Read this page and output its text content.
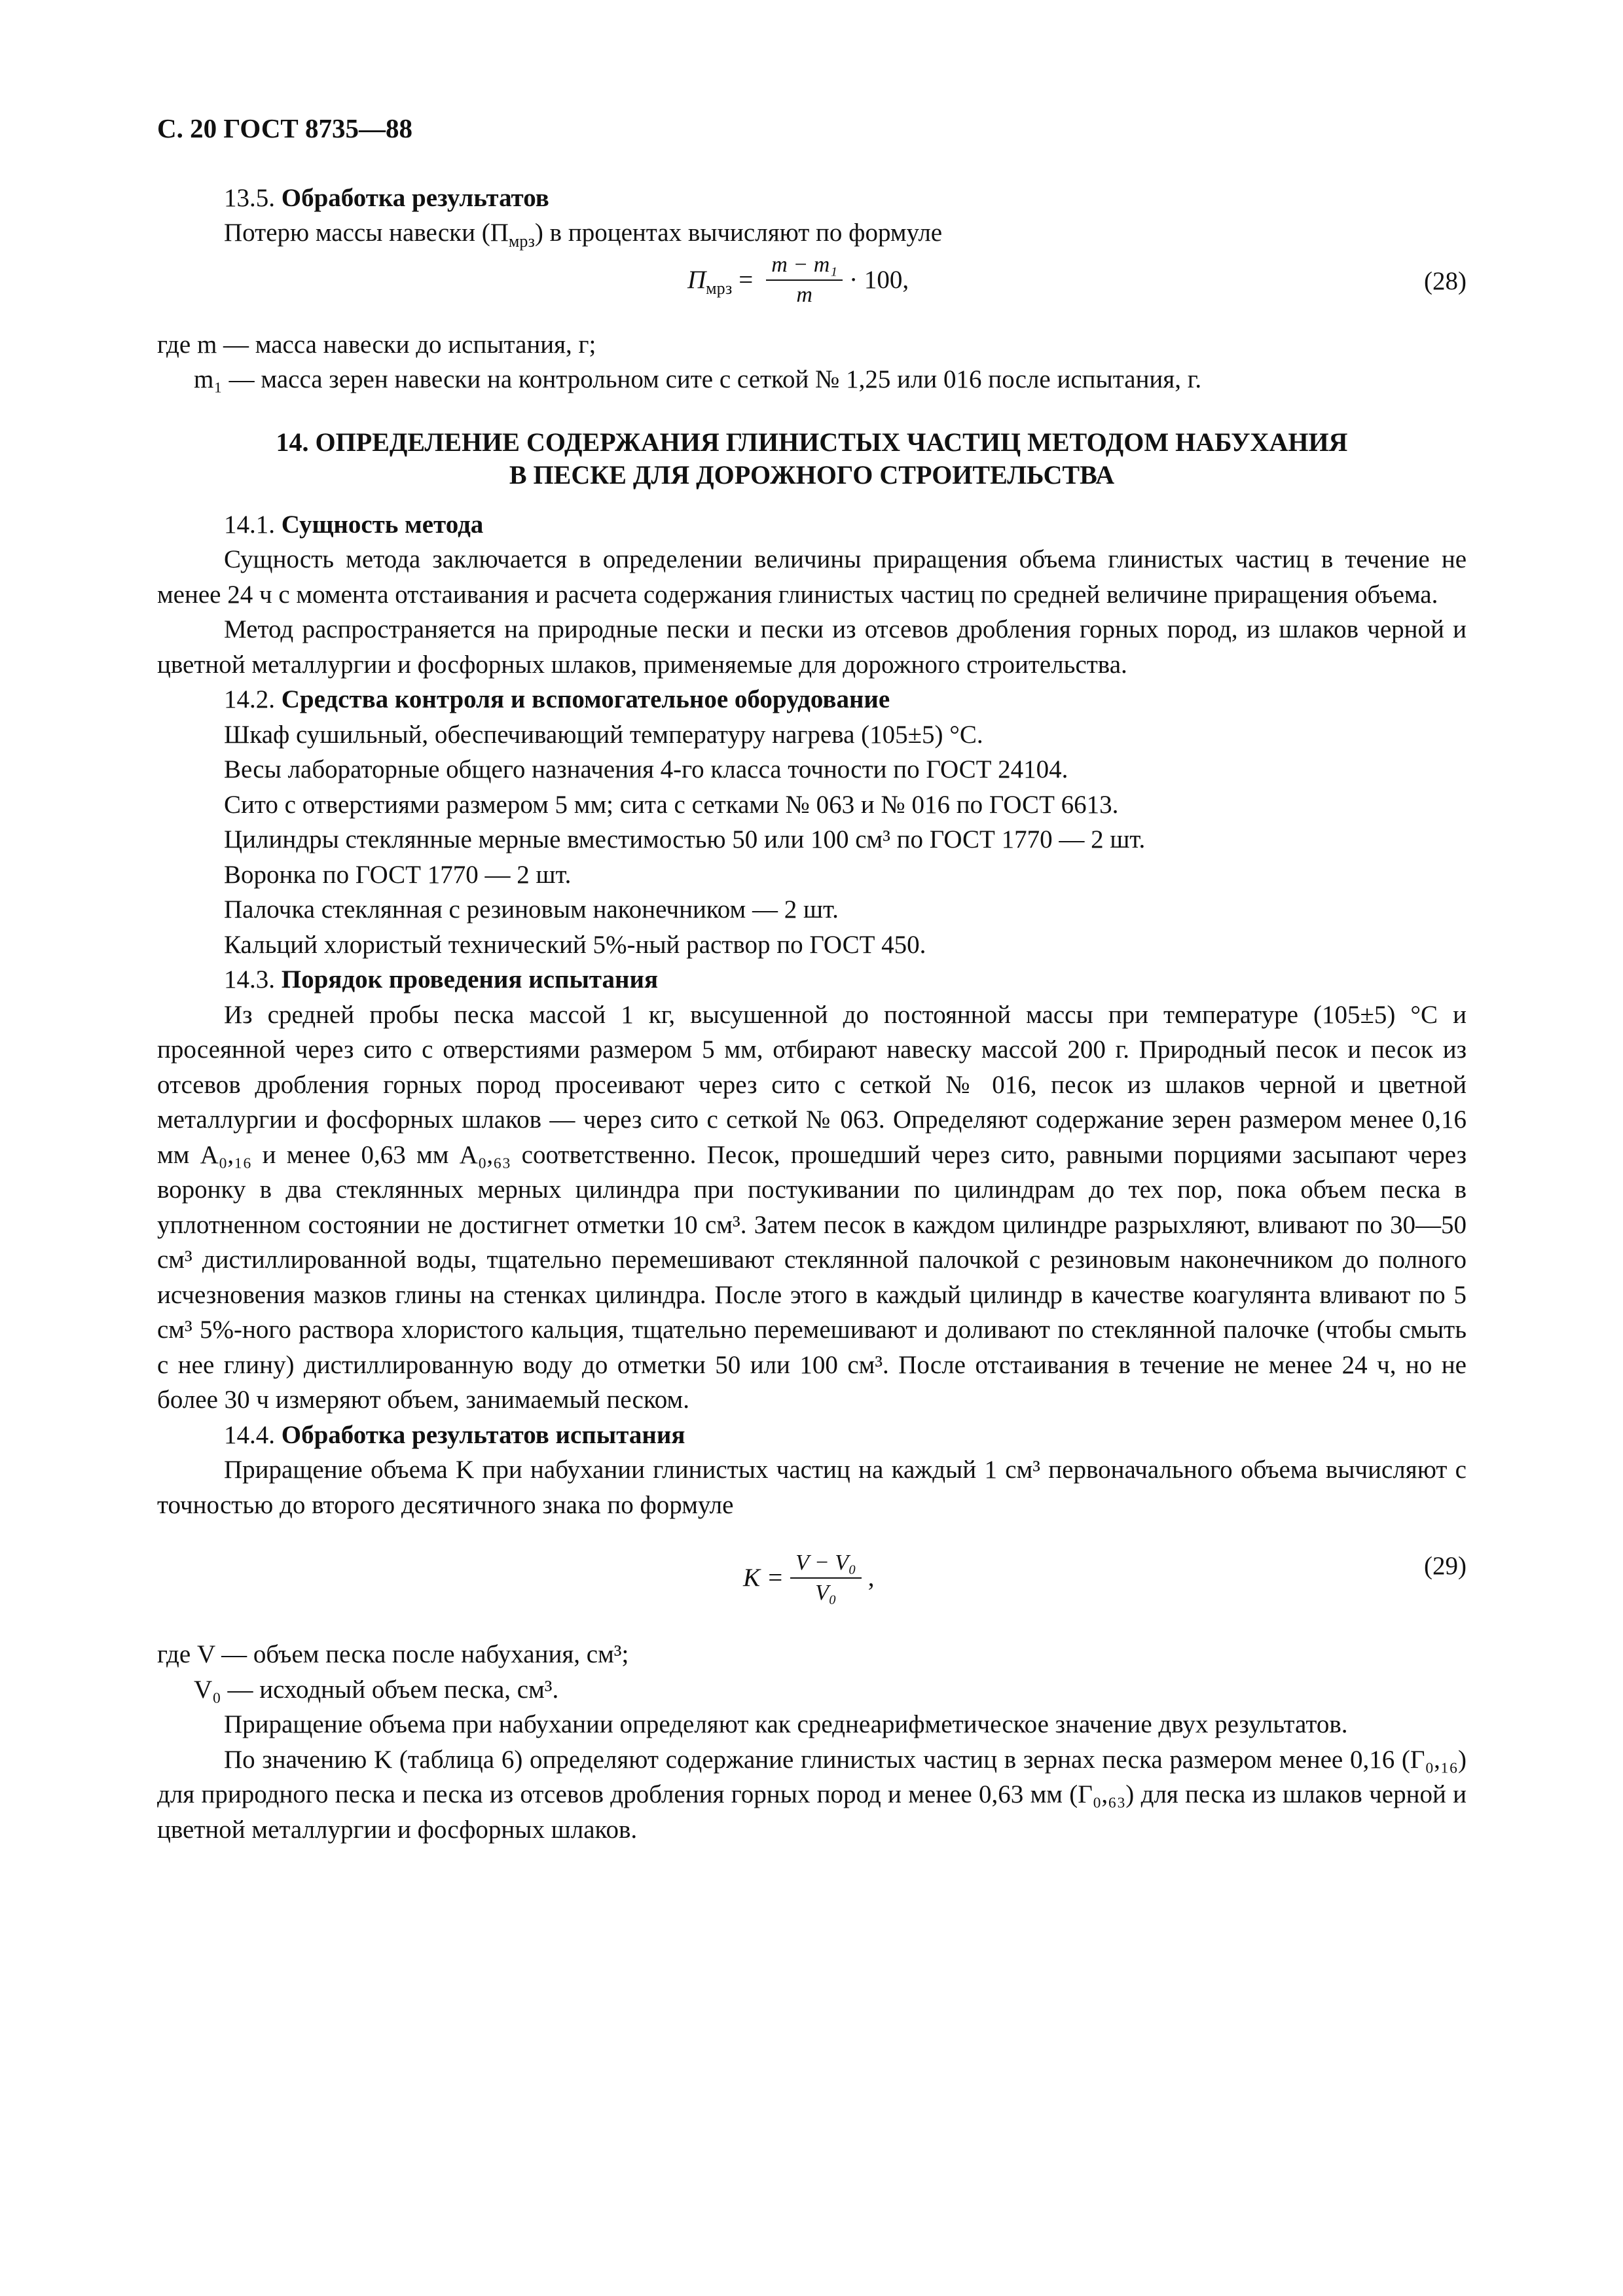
С. 20 ГОСТ 8735—88

13.5. Обработка результатов

Потерю массы навески $(П_{мрз})$ в процентах вычисляют по формуле

$П_{мрз} = \frac{\text{m − m₁}}{m} \cdot 100$,	(28)

где m — масса навески до испытания, г;

m₁ — масса зерен навески на контрольном сите с сеткой № 1,25 или 016 после испытания, г.

14. ОПРЕДЕЛЕНИЕ СОДЕРЖАНИЯ ГЛИНИСТЫХ ЧАСТИЦ МЕТОДОМ НАБУХАНИЯ
В ПЕСКЕ ДЛЯ ДОРОЖНОГО СТРОИТЕЛЬСТВА

14.1. Сущность метода

Сущность метода заключается в определении величины приращения объема глинистых частиц в течение не менее 24 ч с момента отстаивания и расчета содержания глинистых частиц по средней величине приращения объема.

Метод распространяется на природные пески и пески из отсевов дробления горных пород, из шлаков черной и цветной металлургии и фосфорных шлаков, применяемые для дорожного строительства.

14.2. Средства контроля и вспомогательное оборудование

Шкаф сушильный, обеспечивающий температуру нагрева (105±5) °С.

Весы лабораторные общего назначения 4-го класса точности по ГОСТ 24104.

Сито с отверстиями размером 5 мм; сита с сетками № 063 и № 016 по ГОСТ 6613.

Цилиндры стеклянные мерные вместимостью 50 или 100 см³ по ГОСТ 1770 — 2 шт.

Воронка по ГОСТ 1770 — 2 шт.

Палочка стеклянная с резиновым наконечником — 2 шт.

Кальций хлористый технический 5%-ный раствор по ГОСТ 450.

14.3. Порядок проведения испытания

Из средней пробы песка массой 1 кг, высушенной до постоянной массы при температуре (105±5) °С и просеянной через сито с отверстиями размером 5 мм, отбирают навеску массой 200 г. Природный песок и песок из отсевов дробления горных пород просеивают через сито с сеткой № 016, песок из шлаков черной и цветной металлургии и фосфорных шлаков — через сито с сеткой № 063. Определяют содержание зерен размером менее 0,16 мм A₀,₁₆ и менее 0,63 мм A₀,₆₃ соответственно. Песок, прошедший через сито, равными порциями засыпают через воронку в два стеклянных мерных цилиндра при постукивании по цилиндрам до тех пор, пока объем песка в уплотненном состоянии не достигнет отметки 10 см³. Затем песок в каждом цилиндре разрыхляют, вливают по 30—50 см³ дистиллированной воды, тщательно перемешивают стеклянной палочкой с резиновым наконечником до полного исчезновения мазков глины на стенках цилиндра. После этого в каждый цилиндр в качестве коагулянта вливают по 5 см³ 5%-ного раствора хлористого кальция, тщательно перемешивают и доливают по стеклянной палочке (чтобы смыть с нее глину) дистиллированную воду до отметки 50 или 100 см³. После отстаивания в течение не менее 24 ч, но не более 30 ч измеряют объем, занимаемый песком.

14.4. Обработка результатов испытания

Приращение объема K при набухании глинистых частиц на каждый 1 см³ первоначального объема вычисляют с точностью до второго десятичного знака по формуле

$K = \frac{\text{V − V₀}}{\text{V₀}}$ ,	(29)

где V — объем песка после набухания, см³;

V₀ — исходный объем песка, см³.

Приращение объема при набухании определяют как среднеарифметическое значение двух результатов.

По значению K (таблица 6) определяют содержание глинистых частиц в зернах песка размером менее 0,16 (Г₀,₁₆) для природного песка и песка из отсевов дробления горных пород и менее 0,63 мм (Г₀,₆₃) для песка из шлаков черной и цветной металлургии и фосфорных шлаков.
